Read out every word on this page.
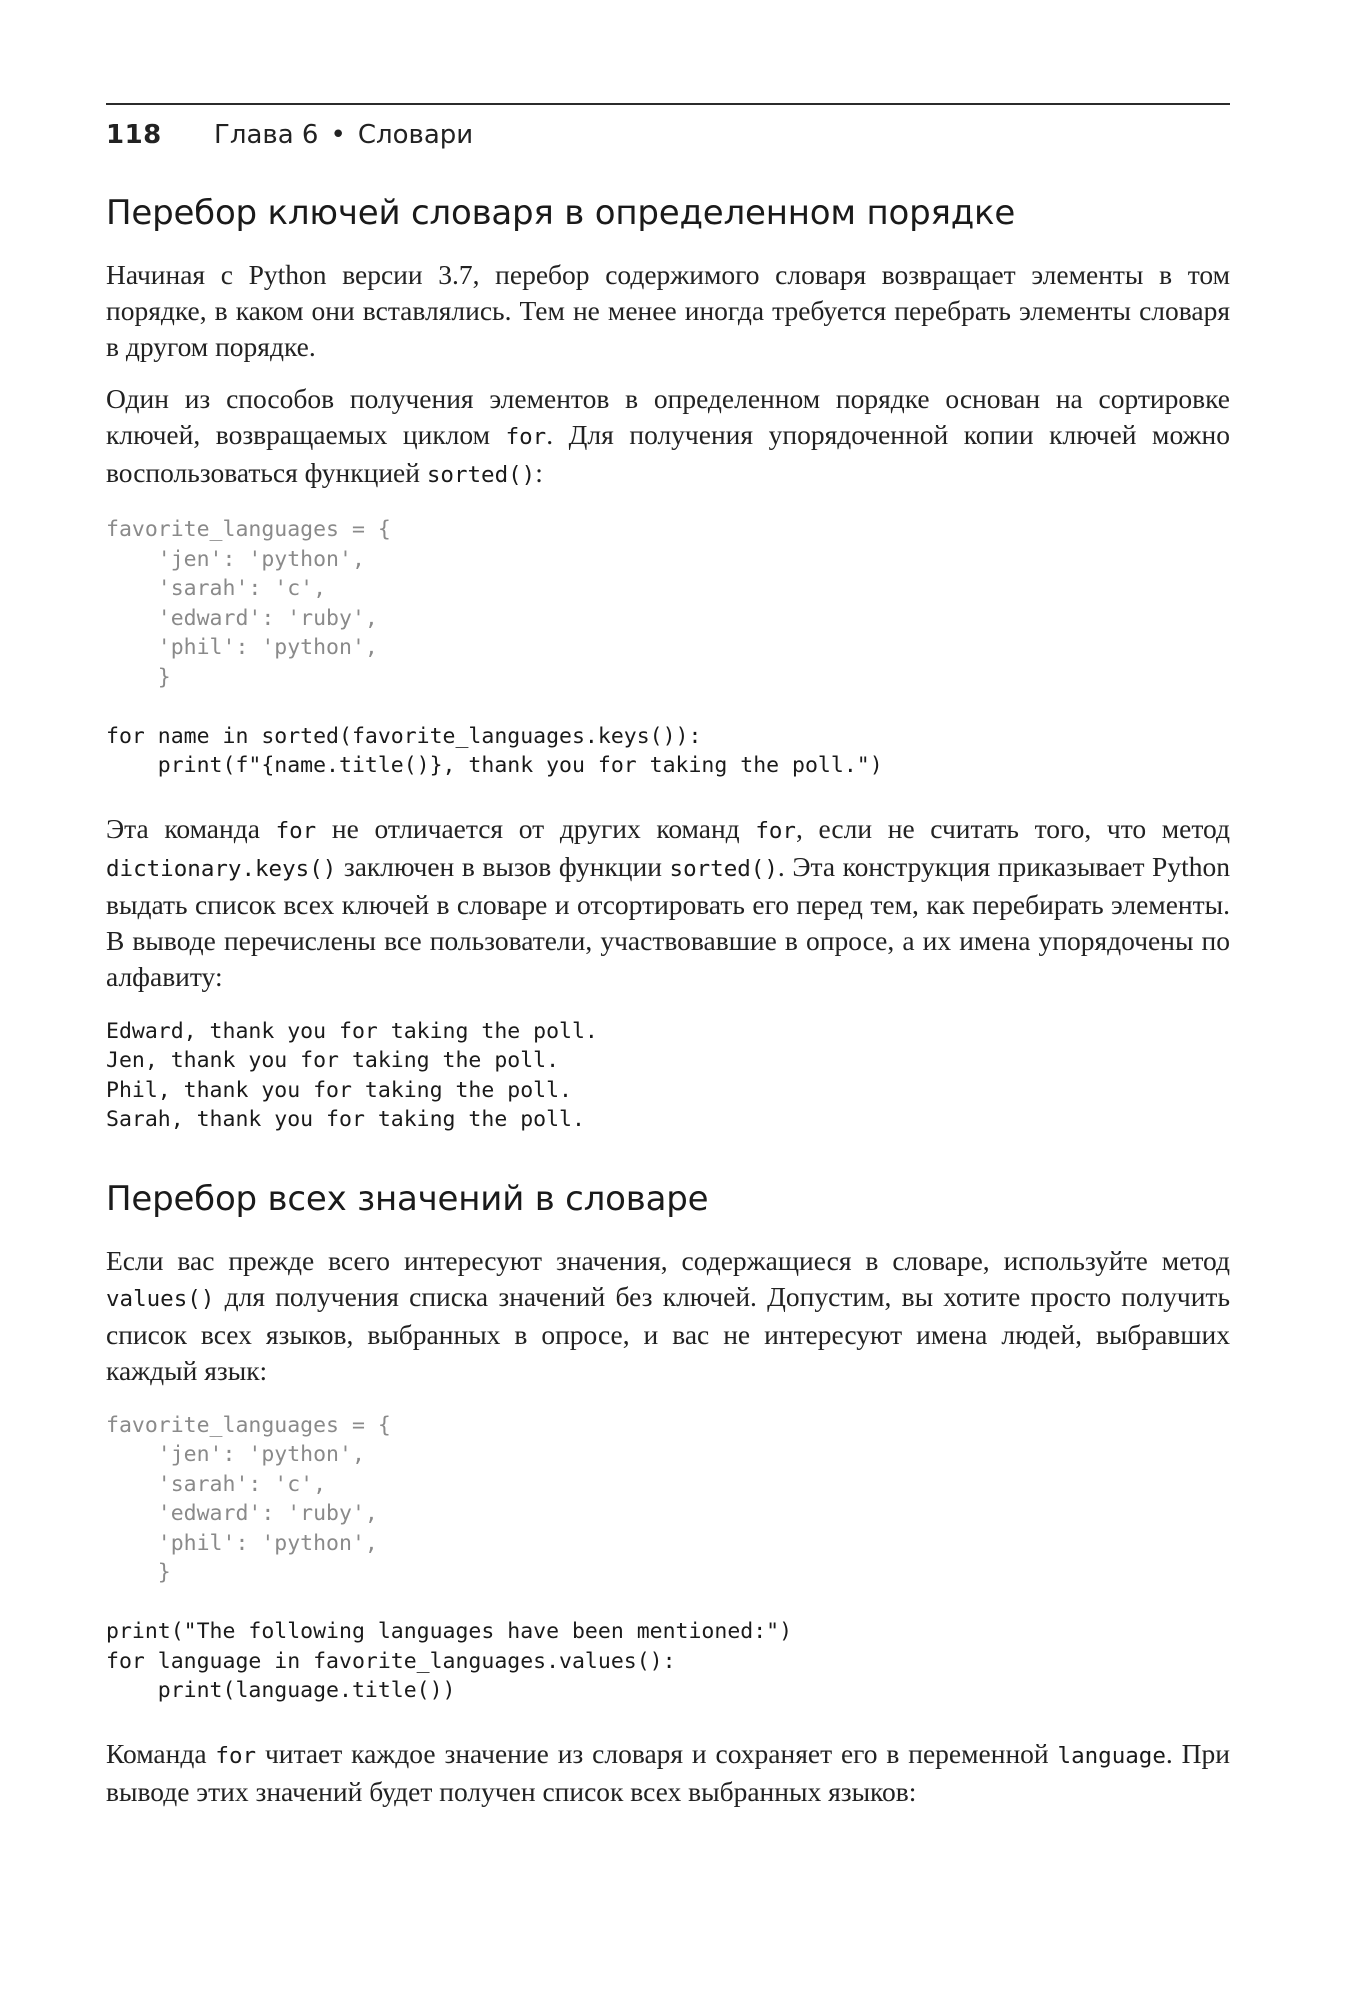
118	Глава 6 • Словари
Перебор ключей словаря в определенном порядке

Начиная с Python версии 3.7, перебор содержимого словаря возвращает элементы в том порядке, в каком они вставлялись. Тем не менее иногда требуется перебрать элементы словаря в другом порядке.

Один из способов получения элементов в определенном порядке основан на сортировке ключей, возвращаемых циклом for. Для получения упорядоченной копии ключей можно воспользоваться функцией sorted():

favorite_languages = {
'jen': 'python',
'sarah': 'c',
'edward': 'ruby',
'phil': 'python',
}

for name in sorted(favorite_languages.keys()):
print(f"{name.title()}, thank you for taking the poll.")

Эта команда for не отличается от других команд for, если не считать того, что метод dictionary.keys() заключен в вызов функции sorted(). Эта конструкция приказывает Python выдать список всех ключей в словаре и отсортировать его перед тем, как перебирать элементы. В выводе перечислены все пользователи, участвовавшие в опросе, а их имена упорядочены по алфавиту:

Edward, thank you for taking the poll.
Jen, thank you for taking the poll.
Phil, thank you for taking the poll.
Sarah, thank you for taking the poll.
Перебор всех значений в словаре

Если вас прежде всего интересуют значения, содержащиеся в словаре, используйте метод values() для получения списка значений без ключей. Допустим, вы хотите просто получить список всех языков, выбранных в опросе, и вас не интересуют имена людей, выбравших каждый язык:

favorite_languages = {
'jen': 'python',
'sarah': 'c',
'edward': 'ruby',
'phil': 'python',
}

print("The following languages have been mentioned:")
for language in favorite_languages.values():
print(language.title())

Команда for читает каждое значение из словаря и сохраняет его в переменной language. При выводе этих значений будет получен список всех выбранных языков:
